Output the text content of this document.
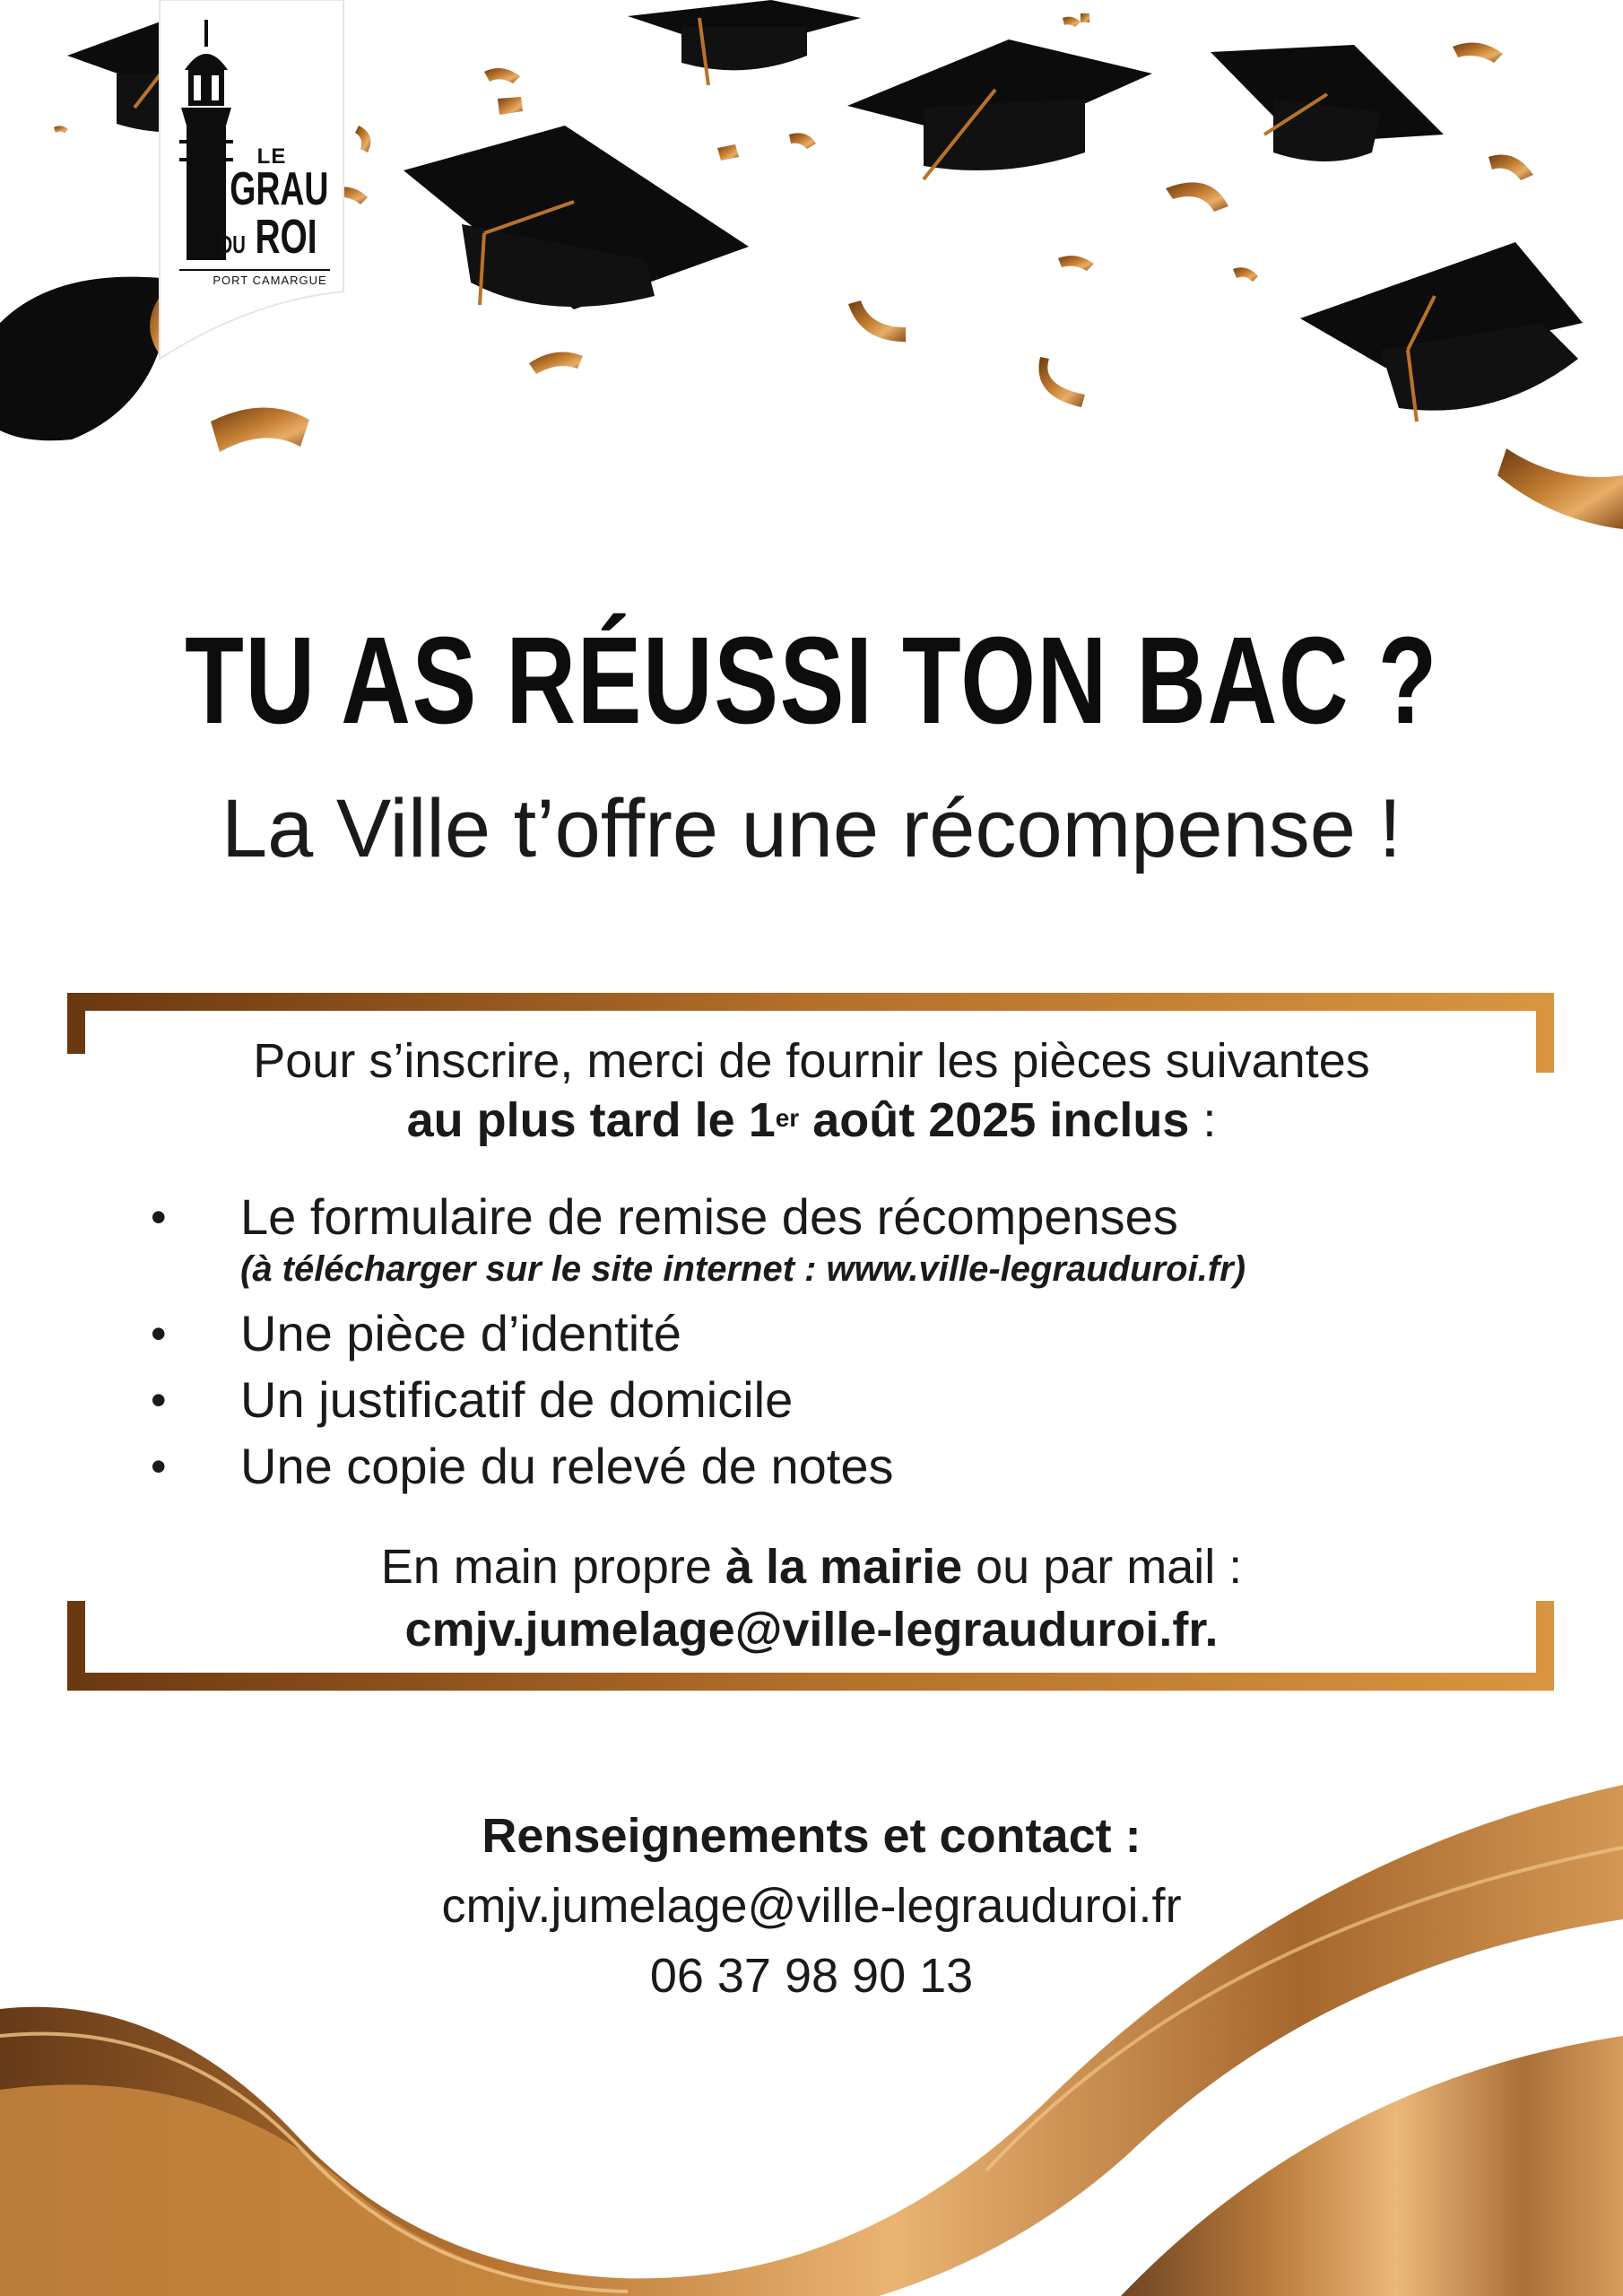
LE
GRAU
DU ROI
PORT CAMARGUE
TU AS RÉUSSI TON BAC ?
La Ville t’offre une récompense !
Pour s’inscrire, merci de fournir les pièces suivantes
au plus tard le 1er août 2025 inclus :
• Le formulaire de remise des récompenses
(à télécharger sur le site internet : www.ville-legrauduroi.fr)
• Une pièce d’identité
• Un justificatif de domicile
• Une copie du relevé de notes
En main propre à la mairie ou par mail :
cmjv.jumelage@ville-legrauduroi.fr.
Renseignements et contact :
cmjv.jumelage@ville-legrauduroi.fr
06 37 98 90 13
